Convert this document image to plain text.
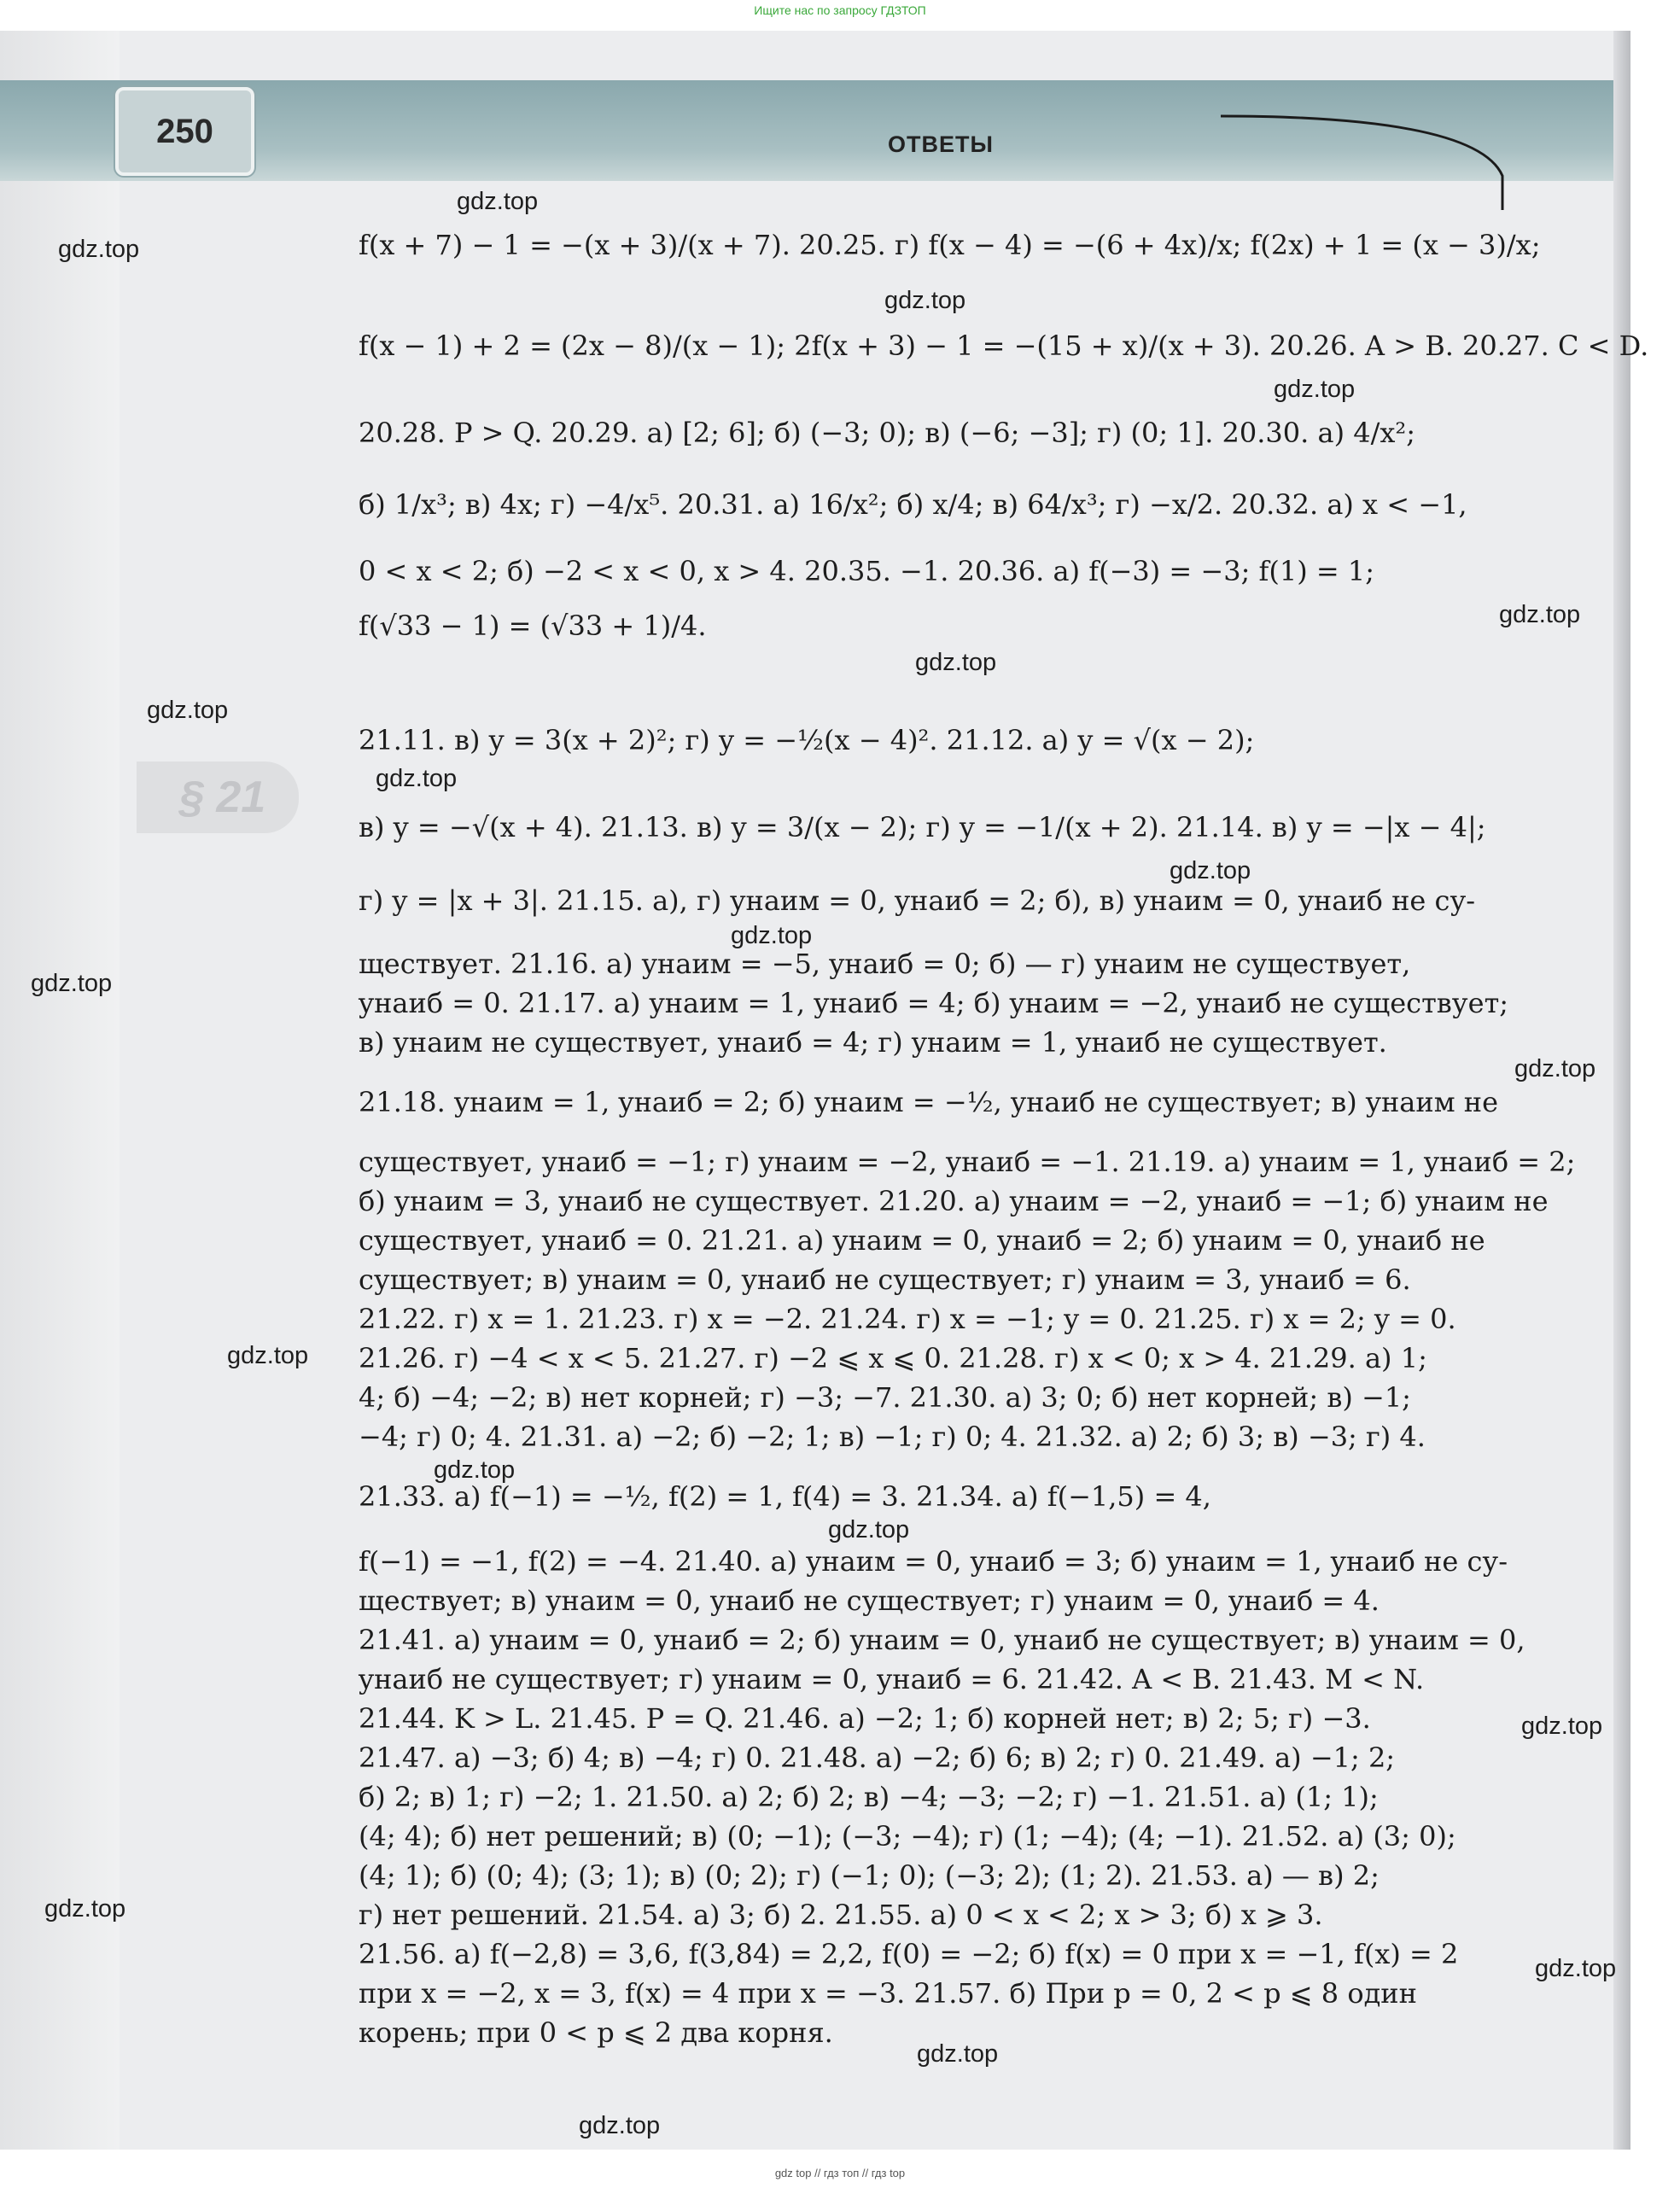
Ищите нас по запросу ГДЗТОП
250	ОТВЕТЫ
§ 21
f(x + 7) − 1 = −(x + 3)/(x + 7). 20.25. г) f(x − 4) = −(6 + 4x)/x; f(2x) + 1 = (x − 3)/x;
f(x − 1) + 2 = (2x − 8)/(x − 1); 2f(x + 3) − 1 = −(15 + x)/(x + 3). 20.26. A > B. 20.27. C < D.
20.28. P > Q. 20.29. а) [2; 6]; б) (−3; 0); в) (−6; −3]; г) (0; 1]. 20.30. а) 4/x²;
б) 1/x³; в) 4x; г) −4/x⁵. 20.31. а) 16/x²; б) x/4; в) 64/x³; г) −x/2. 20.32. а) x < −1,
0 < x < 2; б) −2 < x < 0, x > 4. 20.35. −1. 20.36. а) f(−3) = −3; f(1) = 1;
f(√33 − 1) = (√33 + 1)/4.
21.11. в) y = 3(x + 2)²; г) y = −½(x − 4)². 21.12. а) y = √(x − 2);
в) y = −√(x + 4). 21.13. в) y = 3/(x − 2); г) y = −1/(x + 2). 21.14. в) y = −|x − 4|;
г) y = |x + 3|. 21.15. а), г) yнаим = 0, yнаиб = 2; б), в) yнаим = 0, yнаиб не су-
ществует. 21.16. а) yнаим = −5, yнаиб = 0; б) — г) yнаим не существует,
yнаиб = 0. 21.17. а) yнаим = 1, yнаиб = 4; б) yнаим = −2, yнаиб не существует;
в) yнаим не существует, yнаиб = 4; г) yнаим = 1, yнаиб не существует.
21.18. yнаим = 1, yнаиб = 2; б) yнаим = −½, yнаиб не существует; в) yнаим не
существует, yнаиб = −1; г) yнаим = −2, yнаиб = −1. 21.19. а) yнаим = 1, yнаиб = 2;
б) yнаим = 3, yнаиб не существует. 21.20. а) yнаим = −2, yнаиб = −1; б) yнаим не
существует, yнаиб = 0. 21.21. а) yнаим = 0, yнаиб = 2; б) yнаим = 0, yнаиб не
существует; в) yнаим = 0, yнаиб не существует; г) yнаим = 3, yнаиб = 6.
21.22. г) x = 1. 21.23. г) x = −2. 21.24. г) x = −1; y = 0. 21.25. г) x = 2; y = 0.
21.26. г) −4 < x < 5. 21.27. г) −2 ⩽ x ⩽ 0. 21.28. г) x < 0; x > 4. 21.29. а) 1;
4; б) −4; −2; в) нет корней; г) −3; −7. 21.30. а) 3; 0; б) нет корней; в) −1;
−4; г) 0; 4. 21.31. а) −2; б) −2; 1; в) −1; г) 0; 4. 21.32. а) 2; б) 3; в) −3; г) 4.
21.33. а) f(−1) = −½, f(2) = 1, f(4) = 3. 21.34. а) f(−1,5) = 4,
f(−1) = −1, f(2) = −4. 21.40. а) yнаим = 0, yнаиб = 3; б) yнаим = 1, yнаиб не су-
ществует; в) yнаим = 0, yнаиб не существует; г) yнаим = 0, yнаиб = 4.
21.41. а) yнаим = 0, yнаиб = 2; б) yнаим = 0, yнаиб не существует; в) yнаим = 0,
yнаиб не существует; г) yнаим = 0, yнаиб = 6. 21.42. A < B. 21.43. M < N.
21.44. K > L. 21.45. P = Q. 21.46. а) −2; 1; б) корней нет; в) 2; 5; г) −3.
21.47. а) −3; б) 4; в) −4; г) 0. 21.48. а) −2; б) 6; в) 2; г) 0. 21.49. а) −1; 2;
б) 2; в) 1; г) −2; 1. 21.50. а) 2; б) 2; в) −4; −3; −2; г) −1. 21.51. а) (1; 1);
(4; 4); б) нет решений; в) (0; −1); (−3; −4); г) (1; −4); (4; −1). 21.52. а) (3; 0);
(4; 1); б) (0; 4); (3; 1); в) (0; 2); г) (−1; 0); (−3; 2); (1; 2). 21.53. а) — в) 2;
г) нет решений. 21.54. а) 3; б) 2. 21.55. а) 0 < x < 2; x > 3; б) x ⩾ 3.
21.56. а) f(−2,8) = 3,6, f(3,84) = 2,2, f(0) = −2; б) f(x) = 0 при x = −1, f(x) = 2
при x = −2, x = 3, f(x) = 4 при x = −3. 21.57. б) При p = 0, 2 < p ⩽ 8 один
корень; при 0 < p ⩽ 2 два корня.
gdz.top
gdz.top
gdz.top
gdz.top
gdz.top
gdz.top
gdz.top
gdz.top
gdz.top
gdz.top
gdz.top
gdz.top
gdz.top
gdz.top
gdz.top
gdz.top
gdz.top
gdz.top
gdz.top
gdz.top
gdz top // гдз топ // гдз top
